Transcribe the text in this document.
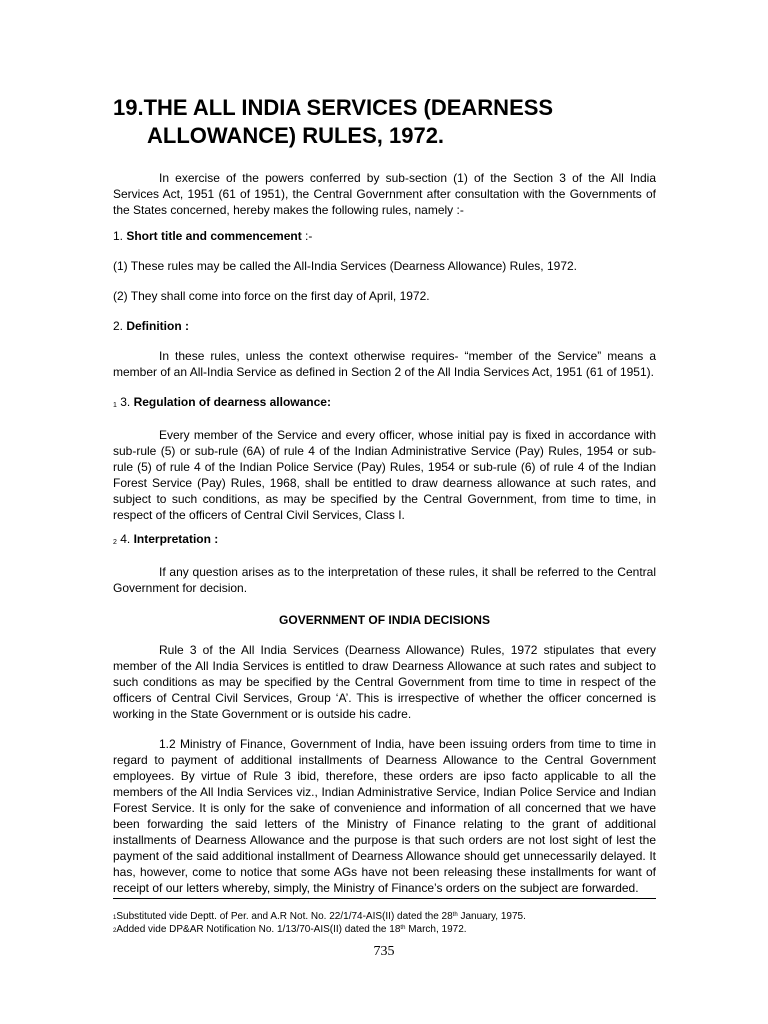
19.THE ALL INDIA SERVICES (DEARNESS
ALLOWANCE) RULES, 1972.

In exercise of the powers conferred by sub-section (1) of the Section 3 of the All India Services Act, 1951 (61 of 1951), the Central Government after consultation with the Governments of the States concerned, hereby makes the following rules, namely :-

1. Short title and commencement :-

(1) These rules may be called the All-India Services (Dearness Allowance) Rules, 1972.

(2) They shall come into force on the first day of April, 1972.

2. Definition :

In these rules, unless the context otherwise requires- “member of the Service” means a member of an All-India Service as defined in Section 2 of the All India Services Act, 1951 (61 of 1951).

1 3. Regulation of dearness allowance:

Every member of the Service and every officer, whose initial pay is fixed in accordance with sub-rule (5) or sub-rule (6A) of rule 4 of the Indian Administrative Service (Pay) Rules, 1954 or sub-rule (5) of rule 4 of the Indian Police Service (Pay) Rules, 1954 or sub-rule (6) of rule 4 of the Indian Forest Service (Pay) Rules, 1968, shall be entitled to draw dearness allowance at such rates, and subject to such conditions, as may be specified by the Central Government, from time to time, in respect of the officers of Central Civil Services, Class I.

2 4. Interpretation :

If any question arises as to the interpretation of these rules, it shall be referred to the Central Government for decision.

GOVERNMENT OF INDIA DECISIONS

Rule 3 of the All India Services (Dearness Allowance) Rules, 1972 stipulates that every member of the All India Services is entitled to draw Dearness Allowance at such rates and subject to such conditions as may be specified by the Central Government from time to time in respect of the officers of Central Civil Services, Group ‘A’. This is irrespective of whether the officer concerned is working in the State Government or is outside his cadre.

1.2 Ministry of Finance, Government of India, have been issuing orders from time to time in regard to payment of additional installments of Dearness Allowance to the Central Government employees. By virtue of Rule 3 ibid, therefore, these orders are ipso facto applicable to all the members of the All India Services viz., Indian Administrative Service, Indian Police Service and Indian Forest Service. It is only for the sake of convenience and information of all concerned that we have been forwarding the said letters of the Ministry of Finance relating to the grant of additional installments of Dearness Allowance and the purpose is that such orders are not lost sight of lest the payment of the said additional installment of Dearness Allowance should get unnecessarily delayed. It has, however, come to notice that some AGs have not been releasing these installments for want of receipt of our letters whereby, simply, the Ministry of Finance’s orders on the subject are forwarded.

1Substituted vide Deptt. of Per. and A.R Not. No. 22/1/74-AIS(II) dated the 28th January, 1975.

2Added vide DP&AR Notification No. 1/13/70-AIS(II) dated the 18th March, 1972.

735
